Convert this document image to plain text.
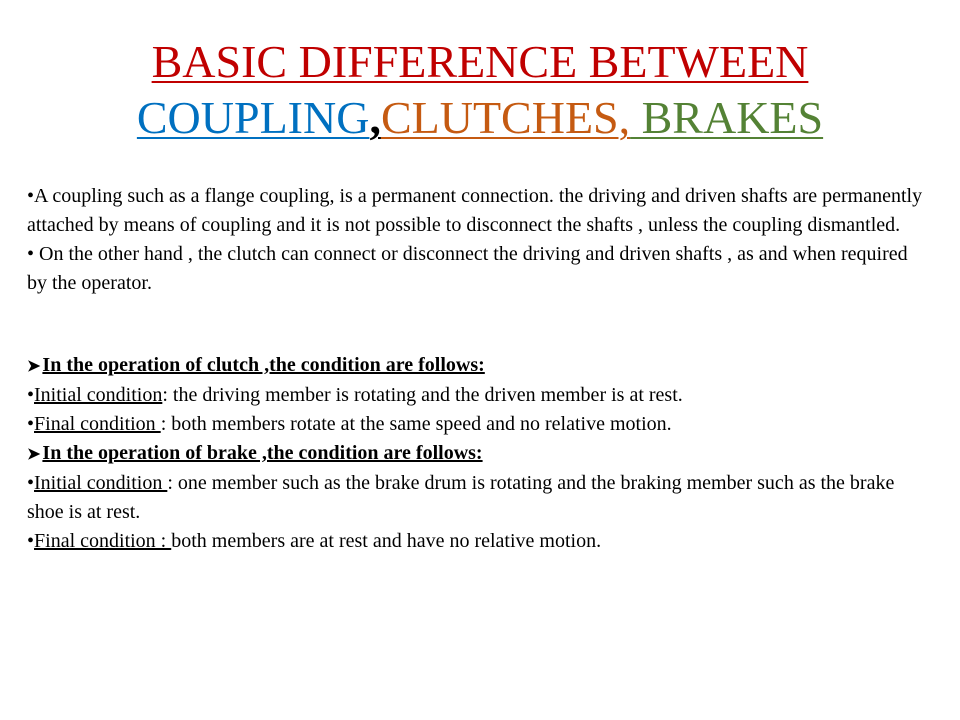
BASIC DIFFERENCE BETWEEN
COUPLING,CLUTCHES, BRAKES

•A coupling such as a flange coupling, is a permanent connection. the driving and driven shafts are permanently attached by means of coupling and it is not possible to disconnect the shafts , unless the coupling dismantled.

• On the other hand , the clutch can connect or disconnect the driving and driven shafts , as and when required by the operator.

➤ In the operation of clutch ,the condition are follows:

•Initial condition: the driving member is rotating and the driven member is at rest.

•Final condition : both members rotate at the same speed and no relative motion.

➤ In the operation of brake ,the condition are follows:

•Initial condition : one member such as the brake drum is rotating and the braking member such as the brake shoe is at rest.

•Final condition : both members are at rest and have no relative motion.
